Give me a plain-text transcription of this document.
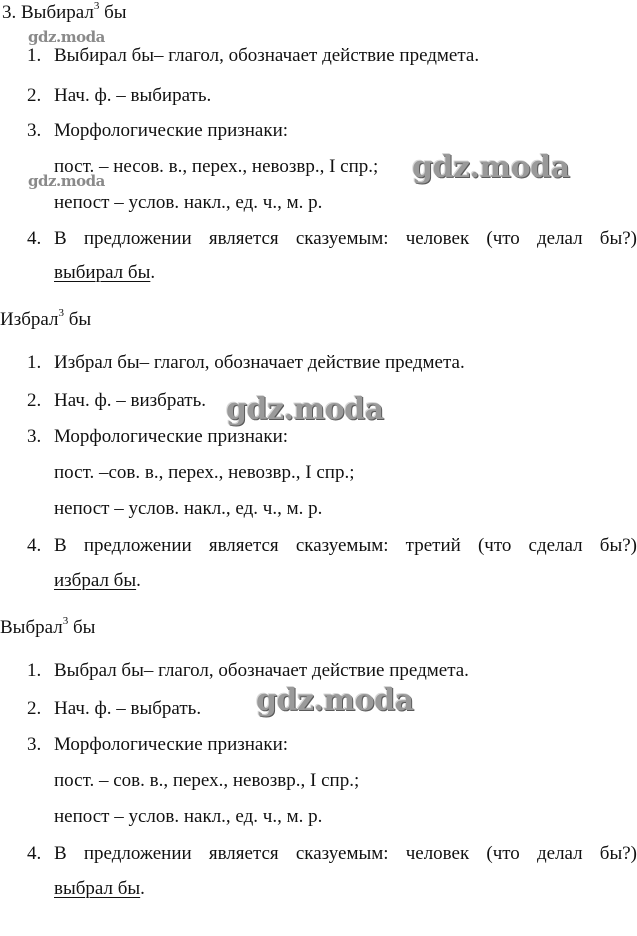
3. Выбирал$^3$ бы
1. Выбирал бы– глагол, обозначает действие предмета.
2. Нач. ф. – выбирать.
3. Морфологические признаки:
пост. – несов. в., перех., невозвр., I спр.;
непост – услов. накл., ед. ч., м. р.
4. В предложении является сказуемым: человек (что делал бы?)
выбирал бы.
Избрал$^3$ бы
1. Избрал бы– глагол, обозначает действие предмета.
2. Нач. ф. – визбрать.
3. Морфологические признаки:
пост. –сов. в., перех., невозвр., I спр.;
непост – услов. накл., ед. ч., м. р.
4. В предложении является сказуемым: третий (что сделал бы?)
избрал бы.
Выбрал$^3$ бы
1. Выбрал бы– глагол, обозначает действие предмета.
2. Нач. ф. – выбрать.
3. Морфологические признаки:
пост. – сов. в., перех., невозвр., I спр.;
непост – услов. накл., ед. ч., м. р.
4. В предложении является сказуемым: человек (что делал бы?)
выбрал бы.
gdz.moda
gdz.moda	gdz.moda
gdz.moda
gdz.moda
